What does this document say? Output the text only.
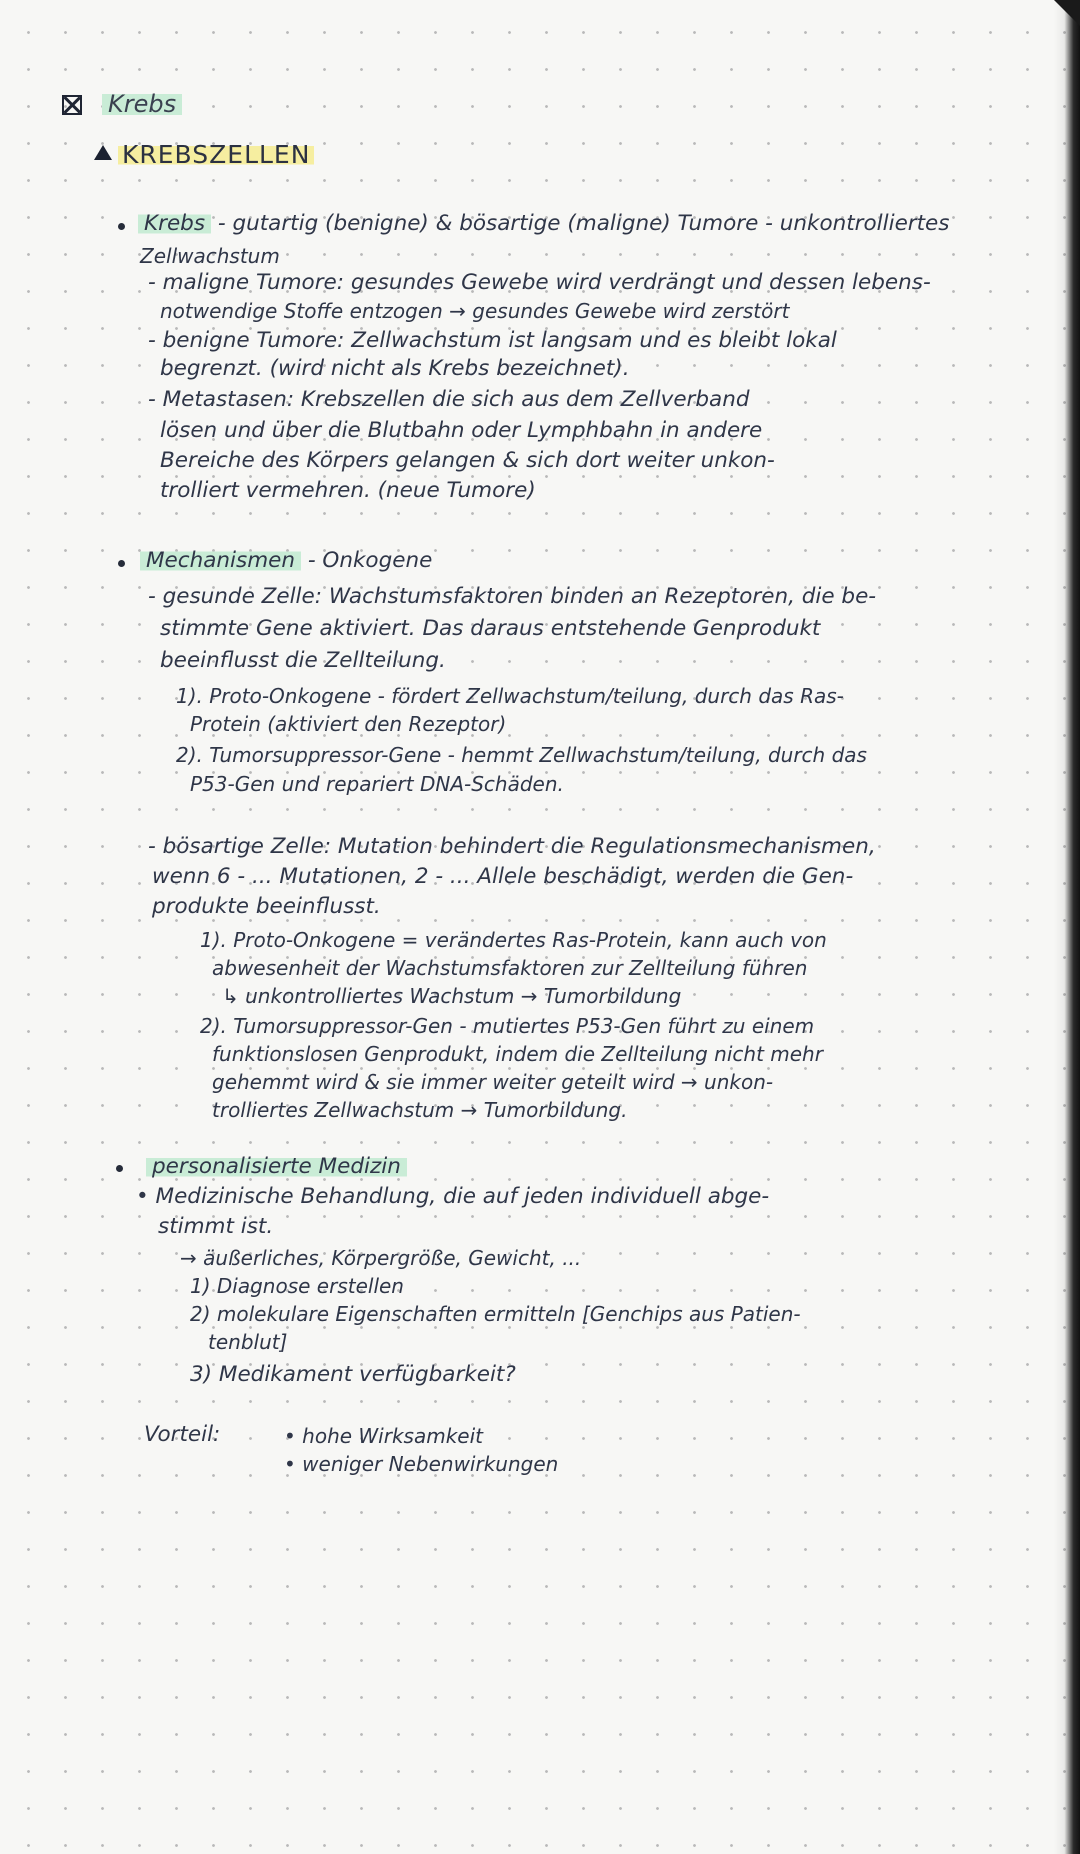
Krebs
KREBSZELLEN
Krebs - gutartig (benigne) & bösartige (maligne) Tumore - unkontrolliertes
Zellwachstum
- maligne Tumore: gesundes Gewebe wird verdrängt und dessen lebens-
notwendige Stoffe entzogen → gesundes Gewebe wird zerstört
- benigne Tumore: Zellwachstum ist langsam und es bleibt lokal
begrenzt. (wird nicht als Krebs bezeichnet).
- Metastasen: Krebszellen die sich aus dem Zellverband
lösen und über die Blutbahn oder Lymphbahn in andere
Bereiche des Körpers gelangen & sich dort weiter unkon-
trolliert vermehren. (neue Tumore)
Mechanismen - Onkogene
- gesunde Zelle: Wachstumsfaktoren binden an Rezeptoren, die be-
stimmte Gene aktiviert. Das daraus entstehende Genprodukt
beeinflusst die Zellteilung.
1). Proto-Onkogene - fördert Zellwachstum/teilung, durch das Ras-
Protein (aktiviert den Rezeptor)
2). Tumorsuppressor-Gene - hemmt Zellwachstum/teilung, durch das
P53-Gen und repariert DNA-Schäden.
- bösartige Zelle: Mutation behindert die Regulationsmechanismen,
wenn 6 - ... Mutationen, 2 - ... Allele beschädigt, werden die Gen-
produkte beeinflusst.
1). Proto-Onkogene = verändertes Ras-Protein, kann auch von
abwesenheit der Wachstumsfaktoren zur Zellteilung führen
↳ unkontrolliertes Wachstum → Tumorbildung
2). Tumorsuppressor-Gen - mutiertes P53-Gen führt zu einem
funktionslosen Genprodukt, indem die Zellteilung nicht mehr
gehemmt wird & sie immer weiter geteilt wird → unkon-
trolliertes Zellwachstum → Tumorbildung.
personalisierte Medizin
• Medizinische Behandlung, die auf jeden individuell abge-
stimmt ist.
→ äußerliches, Körpergröße, Gewicht, ...
1) Diagnose erstellen
2) molekulare Eigenschaften ermitteln [Genchips aus Patien-
tenblut]
3) Medikament verfügbarkeit?
Vorteil:	• hohe Wirksamkeit
• weniger Nebenwirkungen
